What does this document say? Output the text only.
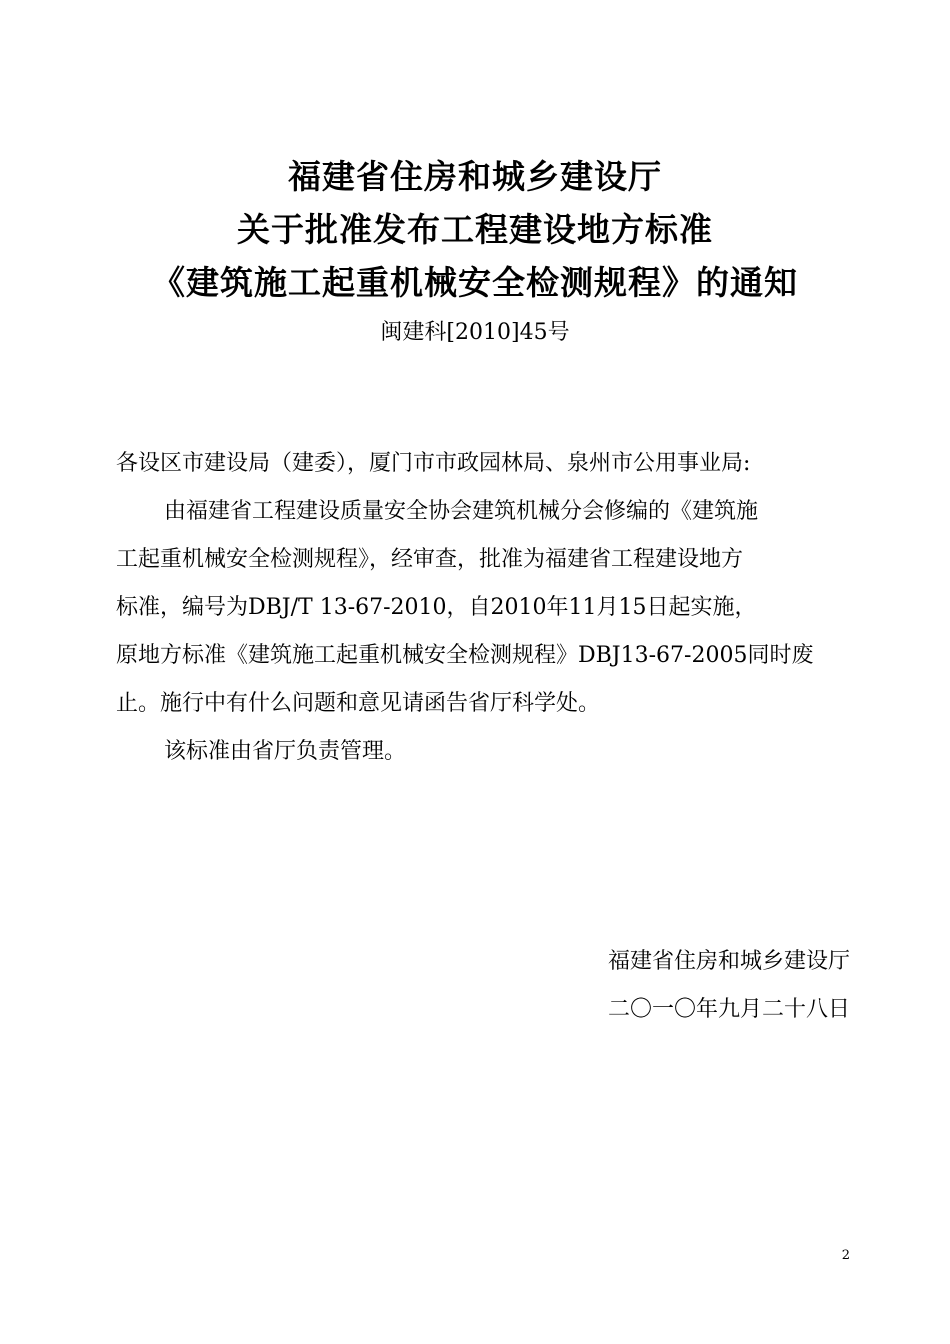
福建省住房和城乡建设厅
关于批准发布工程建设地方标准
《建筑施工起重机械安全检测规程》的通知
闽建科[2010]45号
各设区市建设局（建委），厦门市市政园林局、泉州市公用事业局:
由福建省工程建设质量安全协会建筑机械分会修编的《建筑施
工起重机械安全检测规程》，经审查，批准为福建省工程建设地方
标准，编号为DBJ/T 13-67-2010，自2010年11月15日起实施，
原地方标准《建筑施工起重机械安全检测规程》DBJ13-67-2005同时废
止。施行中有什么问题和意见请函告省厅科学处。
该标准由省厅负责管理。
福建省住房和城乡建设厅
二〇一〇年九月二十八日
2
